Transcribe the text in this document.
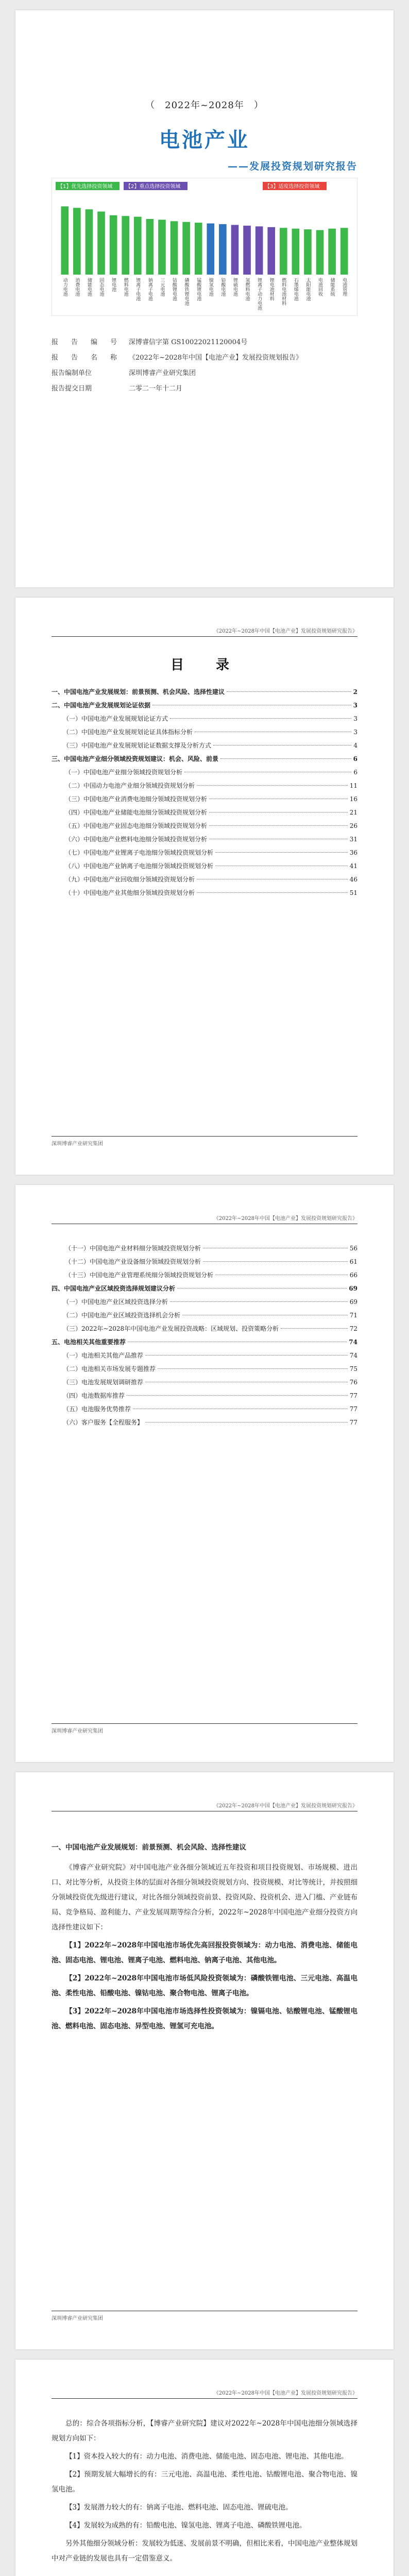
（　2022年~2028年　）
电池产业
——发展投资规划研究报告
【1】优先选择投资领域	【2】重点选择投资领域	【3】适度选择投资领域
动力电池 消费电池 储能电池 固态电池 锂电池 燃料电池 锂离子电池 钠离子电池 三元电池 钴酸锂电池 磷酸铁锂电池 锰酸锂电池 镍氢电池 铅酸电池 锂硫电池 氢燃料电池 锂离子动力电池 锂电池材料 燃料电池材料 石墨烯电池 太阳能电池 电池回收 储能系统 电池管理
报　告　编　号	深博睿信字第 GS10022021120004号
报　告　名　称	《2022年~2028年中国【电池产业】发展投资规划报告》
报告编制单位	深圳博睿产业研究集团
报告提交日期	二零二一年十二月
《2022年~2028年中国【电池产业】发展投资规划研究报告》
目　录
一、中国电池产业发展规划：前景预测、机会风险、选择性建议	2
二、中国电池产业发展规划论证依据	3
（一）中国电池产业发展规划论证方式	3
（二）中国电池产业发展规划论证具体指标分析	3
（三）中国电池产业发展规划论证数据支撑及分析方式	4
三、中国电池产业细分领域投资规划建议：机会、风险、前景	6
（一）中国电池产业细分领域投资规划分析	6
（二）中国动力电池产业细分领域投资规划分析	11
（三）中国电池产业消费电池细分领域投资规划分析	16
（四）中国电池产业储能电池细分领域投资规划分析	21
（五）中国电池产业固态电池细分领域投资规划分析	26
（六）中国电池产业燃料电池细分领域投资规划分析	31
（七）中国电池产业锂离子电池细分领域投资规划分析	36
（八）中国电池产业钠离子电池细分领域投资规划分析	41
（九）中国电池产业回收细分领域投资规划分析	46
（十）中国电池产业其他细分领域投资规划分析	51
深圳博睿产业研究集团
《2022年~2028年中国【电池产业】发展投资规划研究报告》
（十一）中国电池产业材料细分领域投资规划分析	56
（十二）中国电池产业设备细分领域投资规划分析	61
（十三）中国电池产业管理系统细分领域投资规划分析	66
四、中国电池产业区域投资选择规划建议分析	69
（一）中国电池产业区域投资选择分析	69
（二）中国电池产业区域投资选择机会分析	71
（三）2022年~2028年中国电池产业发展投资战略：区域规划、投资策略分析	72
五、电池相关其他重要推荐	74
（一）电池相关其他产品推荐	74
（二）电池相关市场发展专题推荐	75
（三）电池发展规划调研推荐	76
（四）电池数据库推荐	77
（五）电池服务优势推荐	77
（六）客户服务【全程服务】	77
深圳博睿产业研究集团
《2022年~2028年中国【电池产业】发展投资规划研究报告》
一、中国电池产业发展规划：前景预测、机会风险、选择性建议

《博睿产业研究院》对中国电池产业各细分领域近五年投资和项目投资规划、市场规模、进出口、对比等分析，从投资主体的层面对各细分领域投资规划方向、投资规模、对比等统计，并按照细分领域投资优先级进行建议，对比各细分领域投资前景、投资风险、投资机会、进入门槛、产业链布局、竞争格局、盈利能力、产业发展周期等综合分析，2022年~2028年中国电池产业细分投资方向选择性建议如下：

【1】2022年~2028年中国电池市场优先高回报投资领域为：动力电池、消费电池、储能电池、固态电池、锂电池、锂离子电池、燃料电池、钠离子电池、其他电池。

【2】2022年~2028年中国电池市场低风险投资领域为：磷酸铁锂电池、三元电池、高温电池、柔性电池、铅酸电池、镍钴电池、聚合物电池、锂离子电池。

【3】2022年~2028年中国电池市场选择性投资领域为：镍镉电池、钴酸锂电池、锰酸锂电池、燃料电池、固态电池、异型电池、锂氢可充电池。

深圳博睿产业研究集团
《2022年~2028年中国【电池产业】发展投资规划研究报告》

总的：综合各项指标分析，【博睿产业研究院】建议对2022年~2028年中国电池细分领域选择规划方向如下：

【1】资本投入较大的有：动力电池、消费电池、储能电池、固态电池、锂电池、其他电池。

【2】预期发展大幅增长的有：三元电池、高温电池、柔性电池、钴酸锂电池、聚合物电池、镍氢电池。

【3】发展潜力较大的有：钠离子电池、燃料电池、固态电池、锂硫电池。

【4】发展较为成熟的有：铅酸电池、镍氢电池、锂离子电池、磷酸铁锂电池。

另外其他细分领域分析：发展较为低迷、发展前景不明确，但相比来看，中国电池产业整体规划中对产业链的发展也具有一定借鉴意义。
